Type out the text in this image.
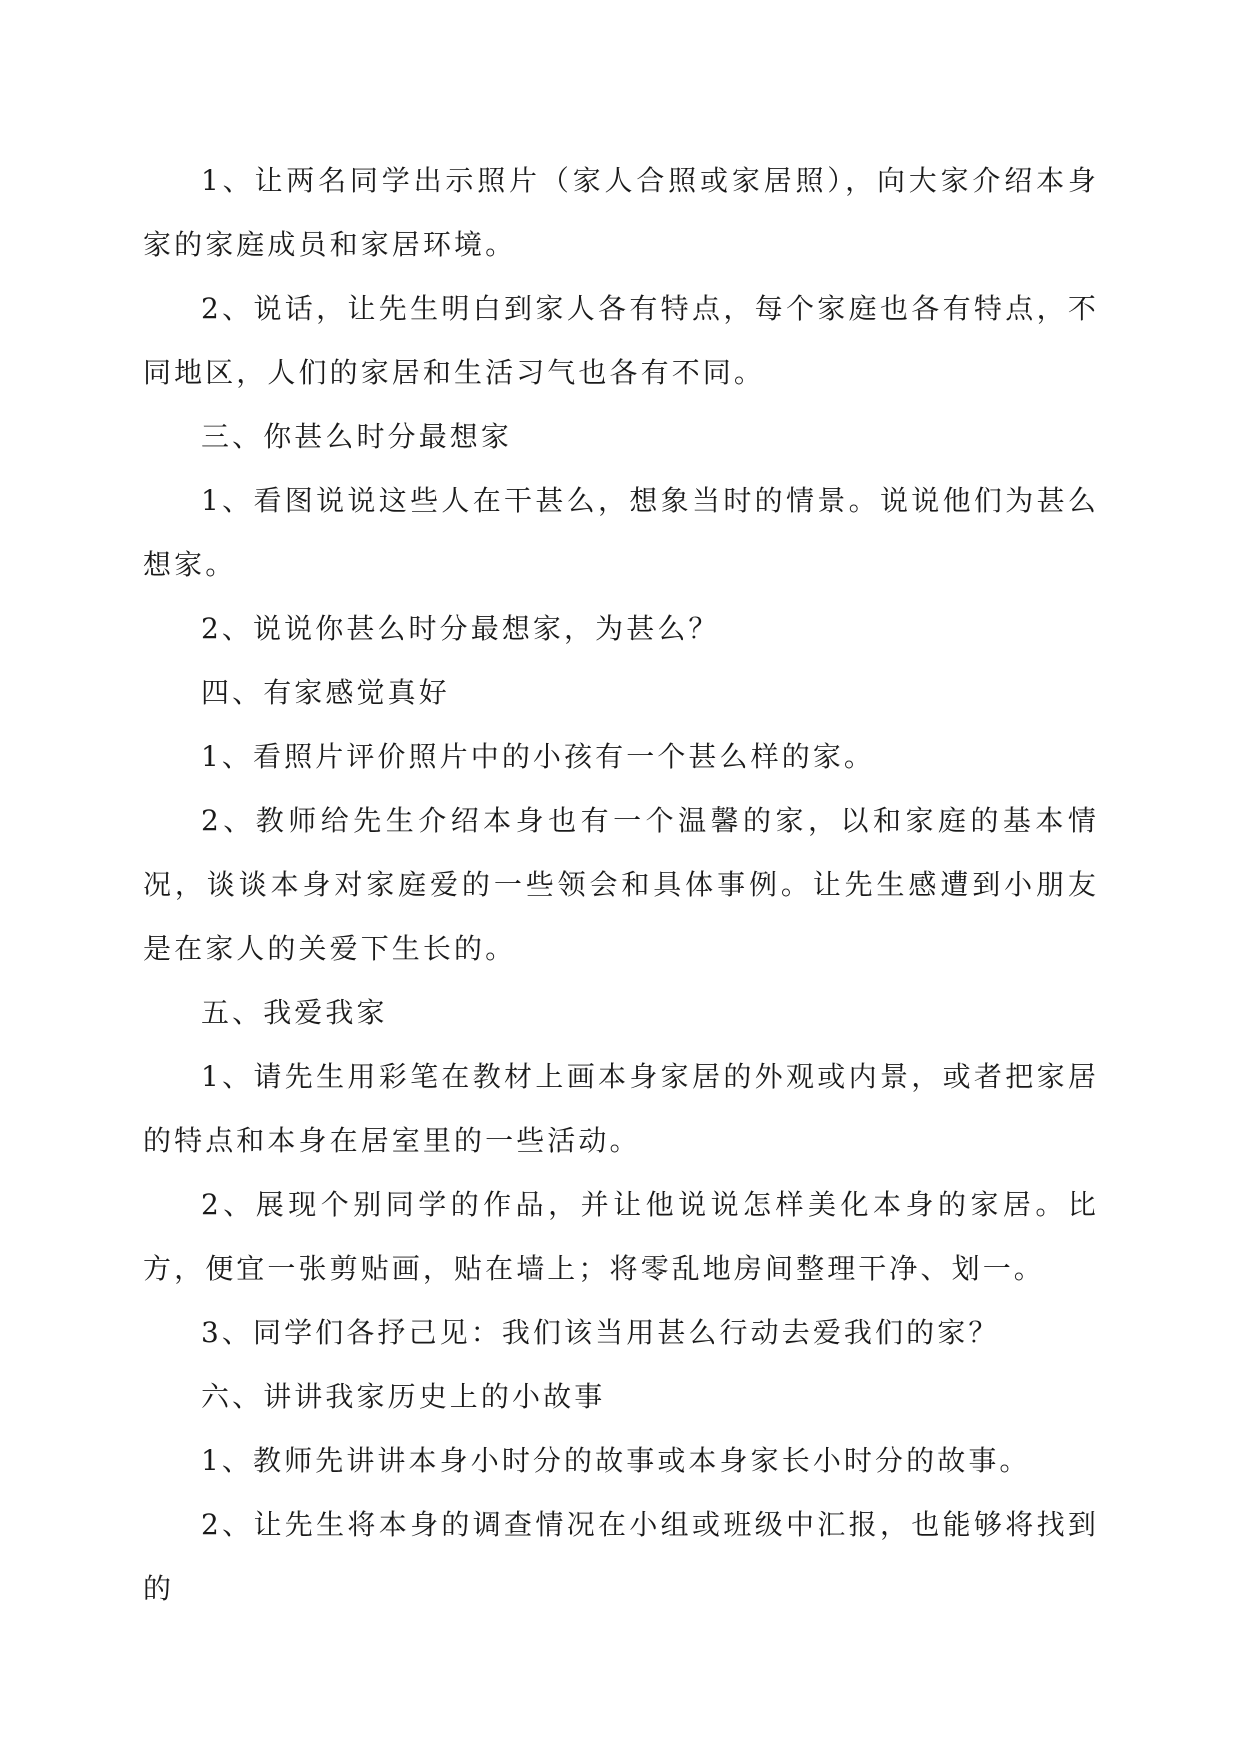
1、让两名同学出示照片（家人合照或家居照），向大家介绍本身家的家庭成员和家居环境。

2、说话，让先生明白到家人各有特点，每个家庭也各有特点，不同地区，人们的家居和生活习气也各有不同。

三、你甚么时分最想家

1、看图说说这些人在干甚么，想象当时的情景。说说他们为甚么想家。

2、说说你甚么时分最想家，为甚么？

四、有家感觉真好

1、看照片评价照片中的小孩有一个甚么样的家。

2、教师给先生介绍本身也有一个温馨的家，以和家庭的基本情况，谈谈本身对家庭爱的一些领会和具体事例。让先生感遭到小朋友是在家人的关爱下生长的。

五、我爱我家

1、请先生用彩笔在教材上画本身家居的外观或内景，或者把家居的特点和本身在居室里的一些活动。

2、展现个别同学的作品，并让他说说怎样美化本身的家居。比方，便宜一张剪贴画，贴在墙上；将零乱地房间整理干净、划一。

3、同学们各抒己见：我们该当用甚么行动去爱我们的家？

六、讲讲我家历史上的小故事

1、教师先讲讲本身小时分的故事或本身家长小时分的故事。

2、让先生将本身的调查情况在小组或班级中汇报，也能够将找到的
